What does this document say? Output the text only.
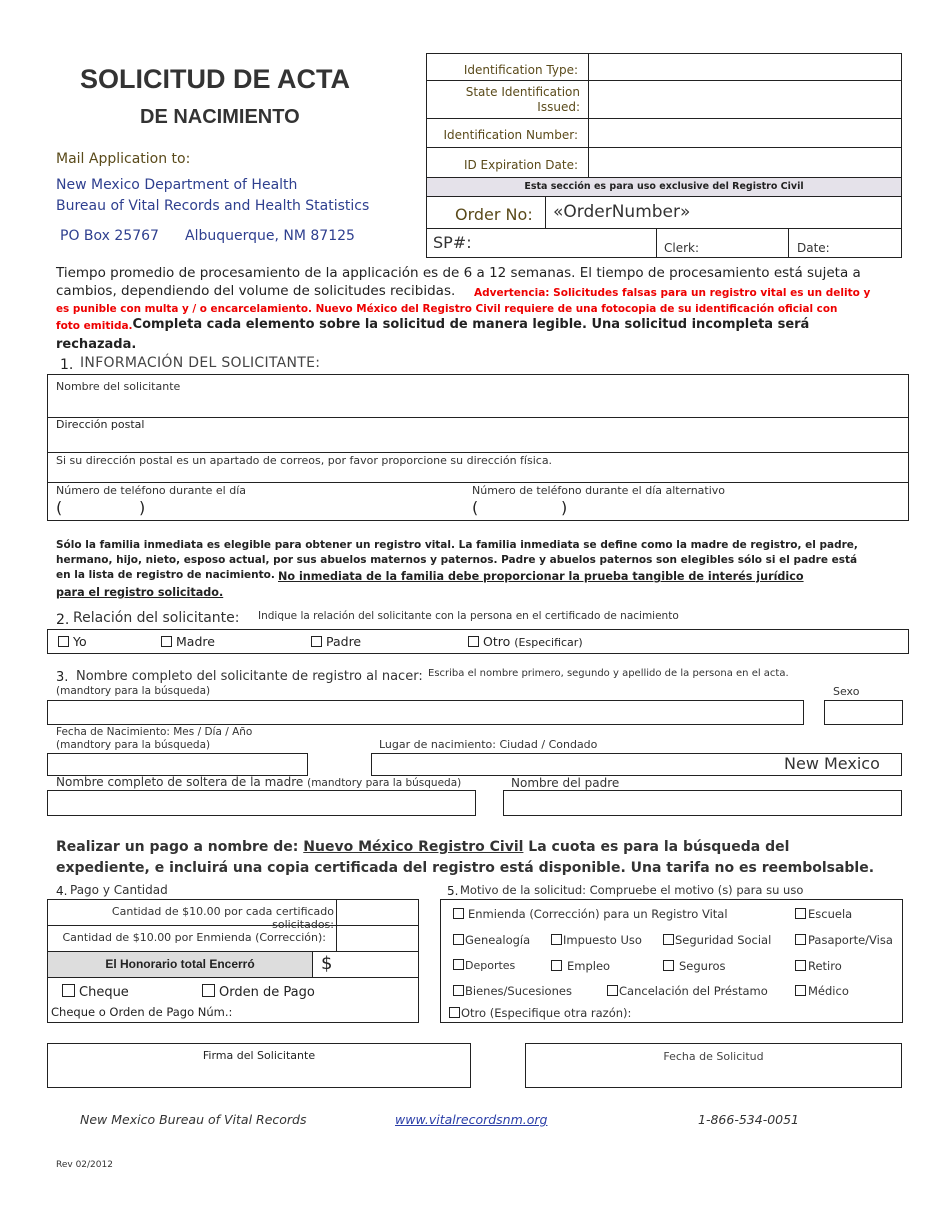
SOLICITUD DE ACTA
DE NACIMIENTO
Mail Application to:
New Mexico Department of Health
Bureau of Vital Records and Health Statistics
PO Box 25767 Albuquerque, NM 87125
Identification Type:
State Identification Issued:
Identification Number:
ID Expiration Date:
Esta sección es para uso exclusive del Registro Civil
Order No: «OrderNumber»
SP#:	Clerk:	Date:
Tiempo promedio de procesamiento de la applicación es de 6 a 12 semanas. El tiempo de procesamiento está sujeta a
cambios, dependiendo del volume de solicitudes recibidas. Advertencia: Solicitudes falsas para un registro vital es un delito y
es punible con multa y / o encarcelamiento. Nuevo México del Registro Civil requiere de una fotocopia de su identificación oficial con
foto emitida.
Completa cada elemento sobre la solicitud de manera legible. Una solicitud incompleta será
rechazada.
1. INFORMACIÓN DEL SOLICITANTE:
Nombre del solicitante
Dirección postal
Si su dirección postal es un apartado de correos, por favor proporcione su dirección física.
Número de teléfono durante el día
(	)
Número de teléfono durante el día alternativo
(	)
Sólo la familia inmediata es elegible para obtener un registro vital. La familia inmediata se define como la madre de registro, el padre,
hermano, hijo, nieto, esposo actual, por sus abuelos maternos y paternos. Padre y abuelos paternos son elegibles sólo si el padre está
en la lista de registro de nacimiento. No inmediata de la familia debe proporcionar la prueba tangible de interés jurídico
para el registro solicitado.
2. Relación del solicitante: Indique la relación del solicitante con la persona en el certificado de nacimiento
Yo	Madre	Padre	Otro (Especificar)
3. Nombre completo del solicitante de registro al nacer: Escriba el nombre primero, segundo y apellido de la persona en el acta.
(mandtory para la búsqueda)	Sexo
Fecha de Nacimiento: Mes / Día / Año
(mandtory para la búsqueda)	Lugar de nacimiento: Ciudad / Condado
New Mexico
Nombre completo de soltera de la madre (mandtory para la búsqueda)	Nombre del padre
Realizar un pago a nombre de: Nuevo México Registro Civil La cuota es para la búsqueda del
expediente, e incluirá una copia certificada del registro está disponible. Una tarifa no es reembolsable.
4. Pago y Cantidad
Cantidad de $10.00 por cada certificado solicitados:
Cantidad de $10.00 por Enmienda (Corrección):
El Honorario total Encerró	$
Cheque	Orden de Pago
Cheque o Orden de Pago Núm.:
5. Motivo de la solicitud: Compruebe el motivo (s) para su uso
Enmienda (Corrección) para un Registro Vital	Escuela
Genealogía	Impuesto Uso	Seguridad Social	Pasaporte/Visa
Deportes	Empleo	Seguros	Retiro
Bienes/Sucesiones	Cancelación del Préstamo	Médico
Otro (Especifique otra razón):
Firma del Solicitante	Fecha de Solicitud
New Mexico Bureau of Vital Records	www.vitalrecordsnm.org	1-866-534-0051
Rev 02/2012
